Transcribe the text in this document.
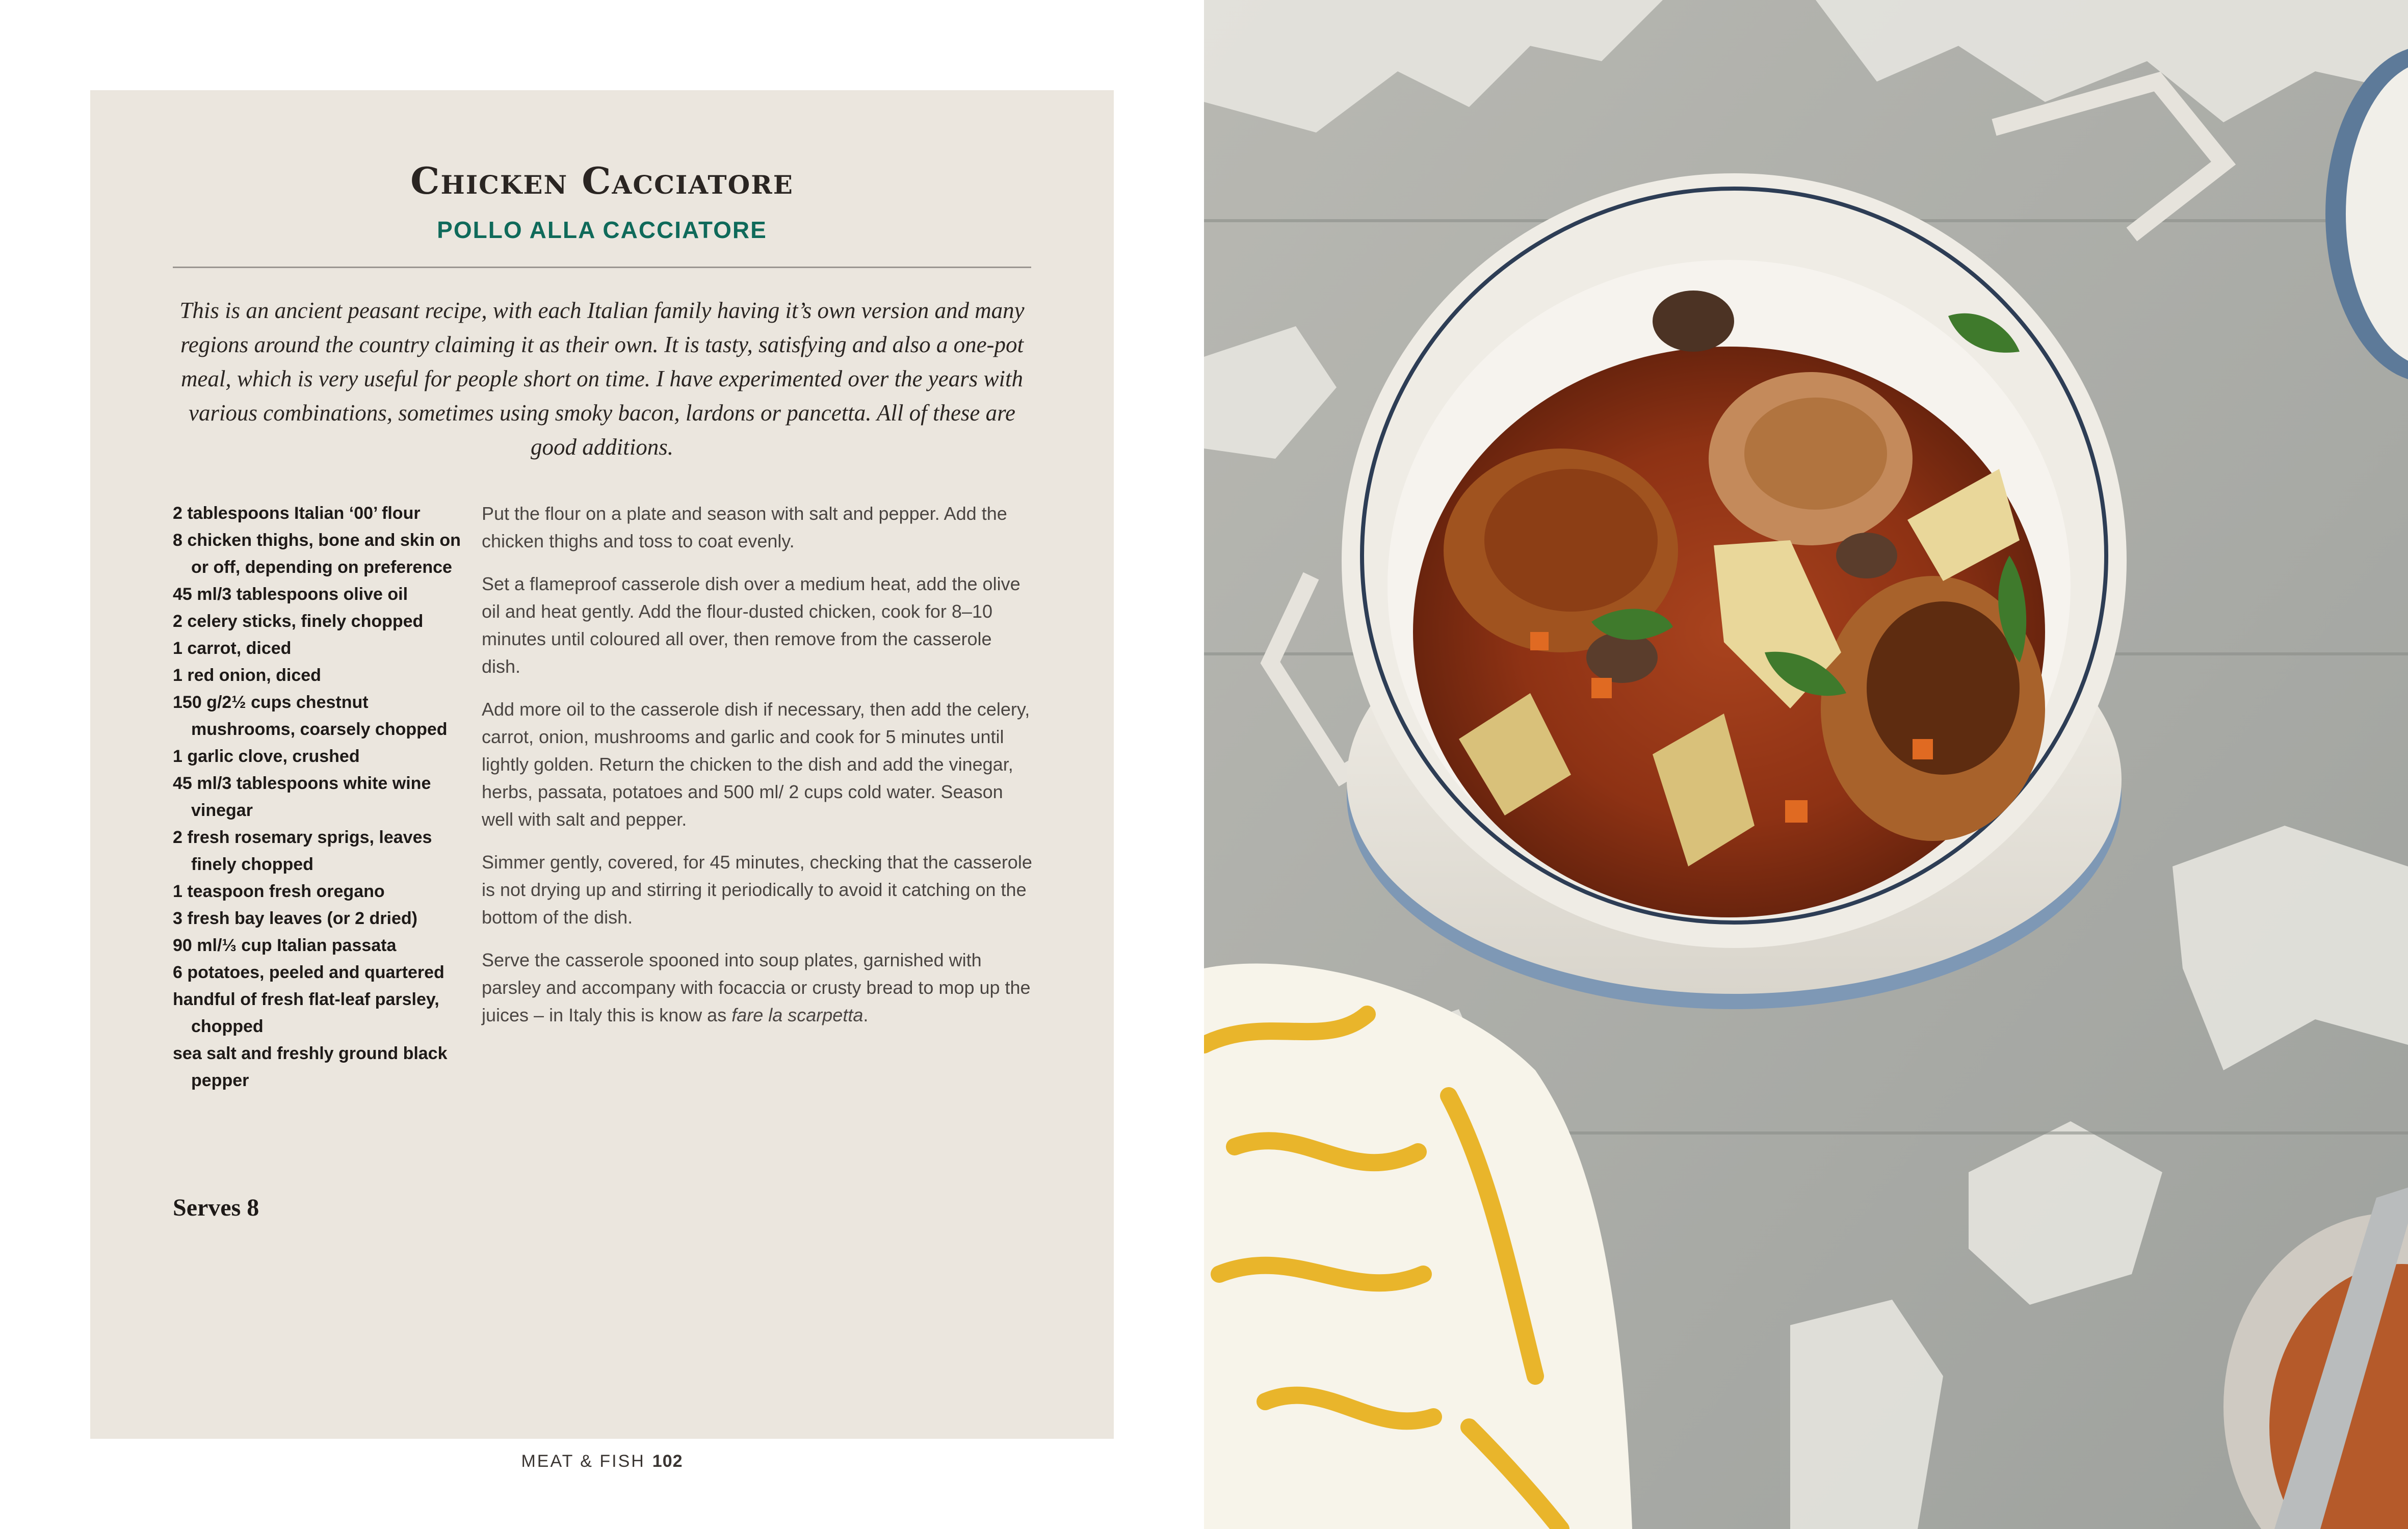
Chicken Cacciatore
POLLO ALLA CACCIATORE

This is an ancient peasant recipe, with each Italian family having it’s own version and many regions around the country claiming it as their own. It is tasty, satisfying and also a one-pot meal, which is very useful for people short on time. I have experimented over the years with various combinations, sometimes using smoky bacon, lardons or pancetta. All of these are good additions.

2 tablespoons Italian ‘00’ flour
8 chicken thighs, bone and skin on or off, depending on preference
45 ml/3 tablespoons olive oil
2 celery sticks, finely chopped
1 carrot, diced
1 red onion, diced
150 g/2½ cups chestnut mushrooms, coarsely chopped
1 garlic clove, crushed
45 ml/3 tablespoons white wine vinegar
2 fresh rosemary sprigs, leaves finely chopped
1 teaspoon fresh oregano
3 fresh bay leaves (or 2 dried)
90 ml/⅓ cup Italian passata
6 potatoes, peeled and quartered
handful of fresh flat-leaf parsley, chopped
sea salt and freshly ground black pepper

Serves 8

Put the flour on a plate and season with salt and pepper. Add the chicken thighs and toss to coat evenly.

Set a flameproof casserole dish over a medium heat, add the olive oil and heat gently. Add the flour-dusted chicken, cook for 8–10 minutes until coloured all over, then remove from the casserole dish.

Add more oil to the casserole dish if necessary, then add the celery, carrot, onion, mushrooms and garlic and cook for 5 minutes until lightly golden. Return the chicken to the dish and add the vinegar, herbs, passata, potatoes and 500 ml/ 2 cups cold water. Season well with salt and pepper.

Simmer gently, covered, for 45 minutes, checking that the casserole is not drying up and stirring it periodically to avoid it catching on the bottom of the dish.

Serve the casserole spooned into soup plates, garnished with parsley and accompany with focaccia or crusty bread to mop up the juices – in Italy this is know as fare la scarpetta.

MEAT & FISH 102
